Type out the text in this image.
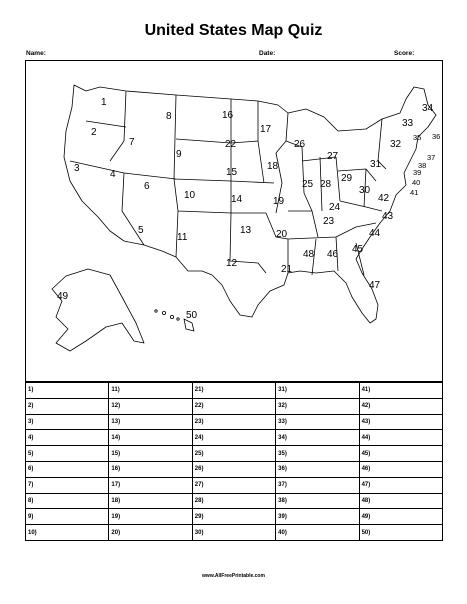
United States Map Quiz
Name:	Date:	Score:
1
2
3
4
5
6
7
8
9
10
11
12
13
14
15
16
17
18
19
20
21
22
23
24
25
26
27
28
29
30
31
32
33
34
35 36
37
38
39
40
41
42
43
44
45
46
47
48
49
50
1)	11)	21)	31)	41)
2)	12)	22)	32)	42)
3)	13)	23)	33)	43)
4)	14)	24)	34)	44)
5)	15)	25)	35)	45)
6)	16)	26)	36)	46)
7)	17)	27)	37)	47)
8)	18)	28)	38)	48)
9)	19)	29)	39)	49)
10)	20)	30)	40)	50)
www.AllFreePrintable.com
